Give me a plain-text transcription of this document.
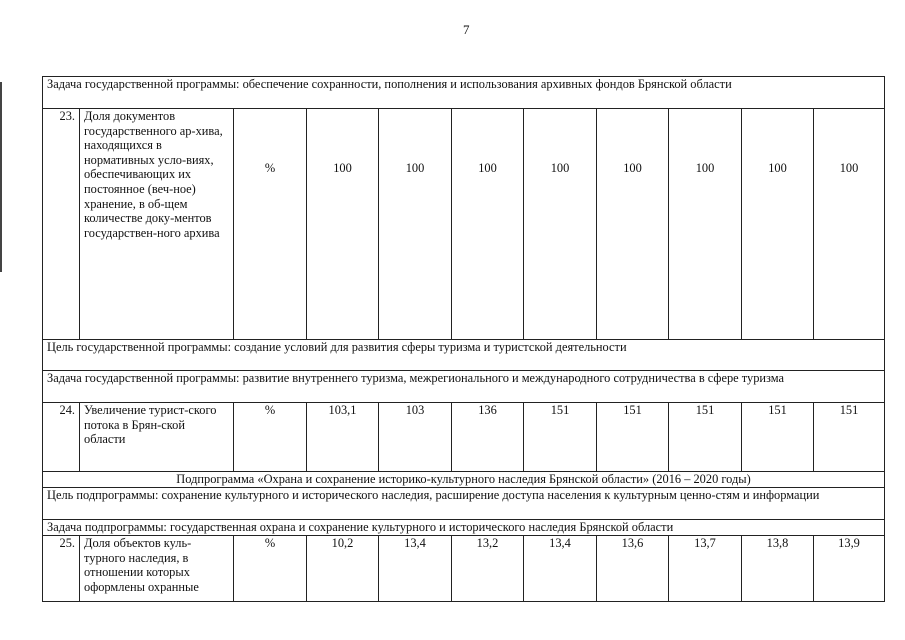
7
Задача государственной программы: обеспечение сохранности, пополнения и использования архивных фондов Брянской области										
23.	Доля документов государственного ар-хива, находящихся в нормативных усло-виях, обеспечивающих их постоянное (веч-ное) хранение, в об-щем количестве доку-ментов государствен-ного архива	%	100	100	100	100	100	100	100	100
Цель государственной программы: создание условий для развития сферы туризма и туристской деятельности										
Задача государственной программы: развитие внутреннего туризма, межрегионального и международного сотрудничества в сфере туризма										
24.	Увеличение турист-ского потока в Брян-ской области	%	103,1	103	136	151	151	151	151	151
Подпрограмма «Охрана и сохранение историко-культурного наследия Брянской области» (2016 – 2020 годы)										
Цель подпрограммы: сохранение культурного и исторического наследия, расширение доступа населения к культурным ценно-стям и информации										
Задача подпрограммы: государственная охрана и сохранение культурного и исторического наследия Брянской области										
25.	Доля объектов куль-турного наследия, в отношении которых оформлены охранные	%	10,2	13,4	13,2	13,4	13,6	13,7	13,8	13,9
